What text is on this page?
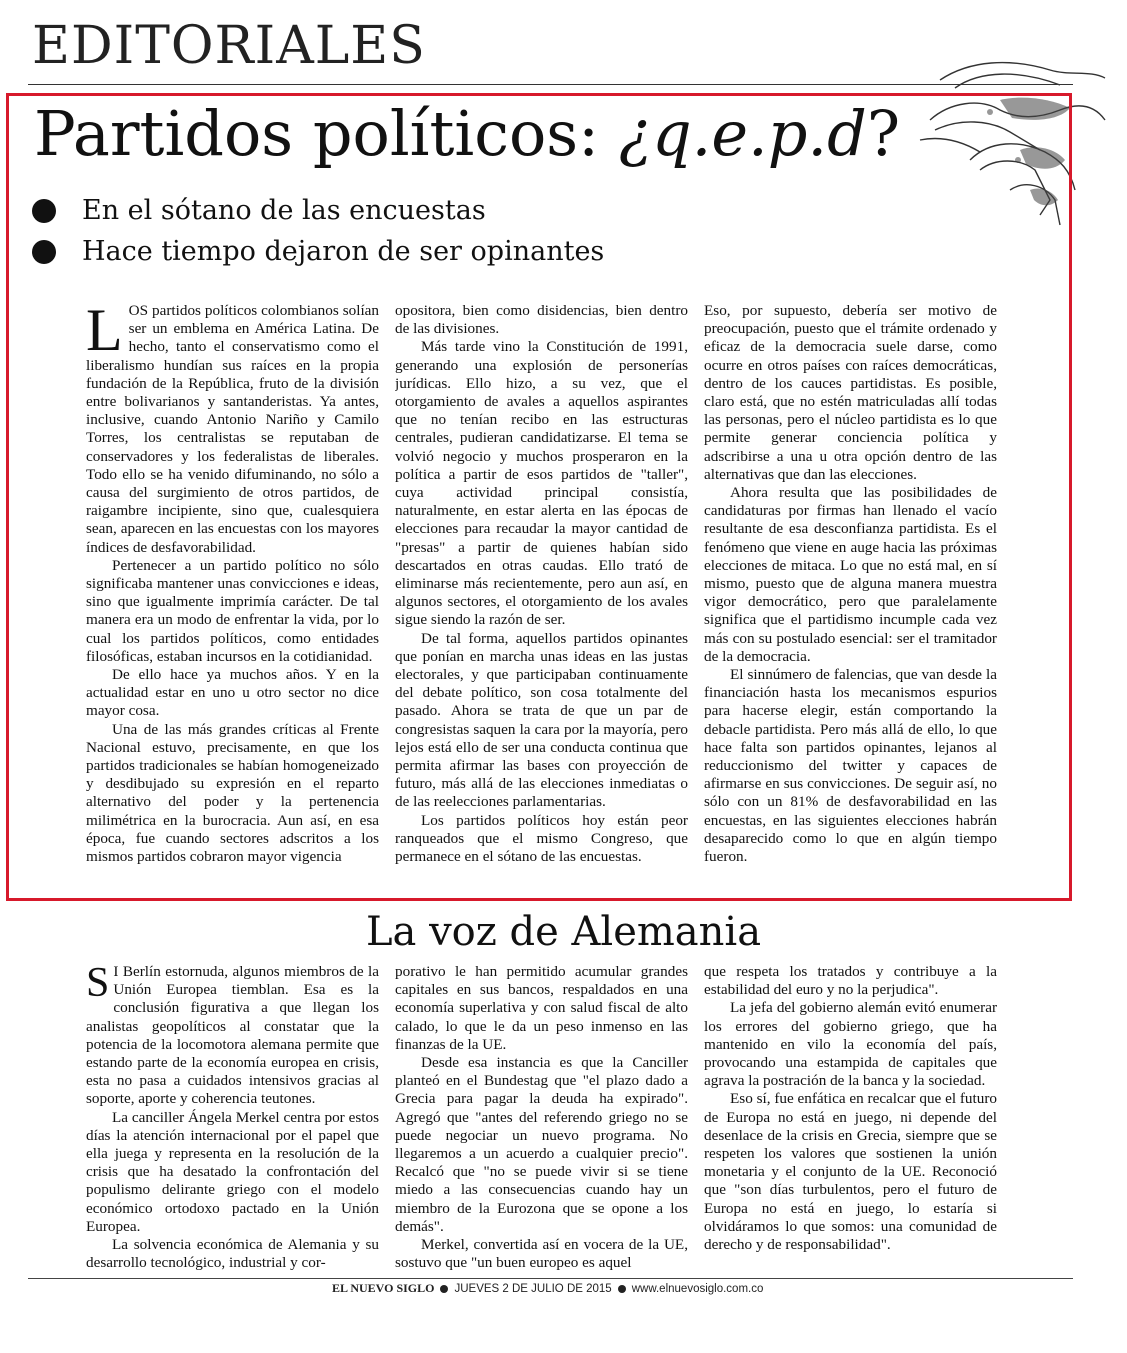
EDITORIALES
Partidos políticos: ¿q.e.p.d?
En el sótano de las encuestas
Hace tiempo dejaron de ser opinantes

LOS partidos políticos colombianos solían ser un emblema en América Latina. De hecho, tanto el conservatismo como el liberalismo hundían sus raíces en la propia fundación de la República, fruto de la división entre bolivarianos y santanderistas. Ya antes, inclusive, cuando Antonio Nariño y Camilo Torres, los centralistas se reputaban de conservadores y los federalistas de liberales. Todo ello se ha venido difuminando, no sólo a causa del surgimiento de otros partidos, de raigambre incipiente, sino que, cualesquiera sean, aparecen en las encuestas con los mayores índices de desfavorabilidad.

Pertenecer a un partido político no sólo significaba mantener unas convicciones e ideas, sino que igualmente imprimía carácter. De tal manera era un modo de enfrentar la vida, por lo cual los partidos políticos, como entidades filosóficas, estaban incursos en la cotidianidad.

De ello hace ya muchos años. Y en la actualidad estar en uno u otro sector no dice mayor cosa.

Una de las más grandes críticas al Frente Nacional estuvo, precisamente, en que los partidos tradicionales se habían homogeneizado y desdibujado su expresión en el reparto alternativo del poder y la pertenencia milimétrica en la burocracia. Aun así, en esa época, fue cuando sectores adscritos a los mismos partidos cobraron mayor vigencia

opositora, bien como disidencias, bien dentro de las divisiones.

Más tarde vino la Constitución de 1991, generando una explosión de personerías jurídicas. Ello hizo, a su vez, que el otorgamiento de avales a aquellos aspirantes que no tenían recibo en las estructuras centrales, pudieran candidatizarse. El tema se volvió negocio y muchos prosperaron en la política a partir de esos partidos de "taller", cuya actividad principal consistía, naturalmente, en estar alerta en las épocas de elecciones para recaudar la mayor cantidad de "presas" a partir de quienes habían sido descartados en otras caudas. Ello trató de eliminarse más recientemente, pero aun así, en algunos sectores, el otorgamiento de los avales sigue siendo la razón de ser.

De tal forma, aquellos partidos opinantes que ponían en marcha unas ideas en las justas electorales, y que participaban continuamente del debate político, son cosa totalmente del pasado. Ahora se trata de que un par de congresistas saquen la cara por la mayoría, pero lejos está ello de ser una conducta continua que permita afirmar las bases con proyección de futuro, más allá de las elecciones inmediatas o de las reelecciones parlamentarias.

Los partidos políticos hoy están peor ranqueados que el mismo Congreso, que permanece en el sótano de las encuestas.

Eso, por supuesto, debería ser motivo de preocupación, puesto que el trámite ordenado y eficaz de la democracia suele darse, como ocurre en otros países con raíces democráticas, dentro de los cauces partidistas. Es posible, claro está, que no estén matriculadas allí todas las personas, pero el núcleo partidista es lo que permite generar conciencia política y adscribirse a una u otra opción dentro de las alternativas que dan las elecciones.

Ahora resulta que las posibilidades de candidaturas por firmas han llenado el vacío resultante de esa desconfianza partidista. Es el fenómeno que viene en auge hacia las próximas elecciones de mitaca. Lo que no está mal, en sí mismo, puesto que de alguna manera muestra vigor democrático, pero que paralelamente significa que el partidismo incumple cada vez más con su postulado esencial: ser el tramitador de la democracia.

El sinnúmero de falencias, que van desde la financiación hasta los mecanismos espurios para hacerse elegir, están comportando la debacle partidista. Pero más allá de ello, lo que hace falta son partidos opinantes, lejanos al reduccionismo del twitter y capaces de afirmarse en sus convicciones. De seguir así, no sólo con un 81% de desfavorabilidad en las encuestas, en las siguientes elecciones habrán desaparecido como lo que en algún tiempo fueron.

La voz de Alemania

S I Berlín estornuda, algunos miembros de la Unión Europea tiemblan. Esa es la conclusión figurativa a que llegan los analistas geopolíticos al constatar que la potencia de la locomotora alemana permite que estando parte de la economía europea en crisis, esta no pasa a cuidados intensivos gracias al soporte, aporte y coherencia teutones.

La canciller Ángela Merkel centra por estos días la atención internacional por el papel que ella juega y representa en la resolución de la crisis que ha desatado la confrontación del populismo delirante griego con el modelo económico ortodoxo pactado en la Unión Europea.

La solvencia económica de Alemania y su desarrollo tecnológico, industrial y cor-

porativo le han permitido acumular grandes capitales en sus bancos, respaldados en una economía superlativa y con salud fiscal de alto calado, lo que le da un peso inmenso en las finanzas de la UE.

Desde esa instancia es que la Canciller planteó en el Bundestag que "el plazo dado a Grecia para pagar la deuda ha expirado". Agregó que "antes del referendo griego no se puede negociar un nuevo programa. No llegaremos a un acuerdo a cualquier precio". Recalcó que "no se puede vivir si se tiene miedo a las consecuencias cuando hay un miembro de la Eurozona que se opone a los demás".

Merkel, convertida así en vocera de la UE, sostuvo que "un buen europeo es aquel

que respeta los tratados y contribuye a la estabilidad del euro y no la perjudica".

La jefa del gobierno alemán evitó enumerar los errores del gobierno griego, que ha mantenido en vilo la economía del país, provocando una estampida de capitales que agrava la postración de la banca y la sociedad.

Eso sí, fue enfática en recalcar que el futuro de Europa no está en juego, ni depende del desenlace de la crisis en Grecia, siempre que se respeten los valores que sostienen la unión monetaria y el conjunto de la UE. Reconoció que "son días turbulentos, pero el futuro de Europa no está en juego, lo estaría si olvidáramos lo que somos: una comunidad de derecho y de responsabilidad".

EL NUEVO SIGLO JUEVES 2 DE JULIO DE 2015 www.elnuevosiglo.com.co
